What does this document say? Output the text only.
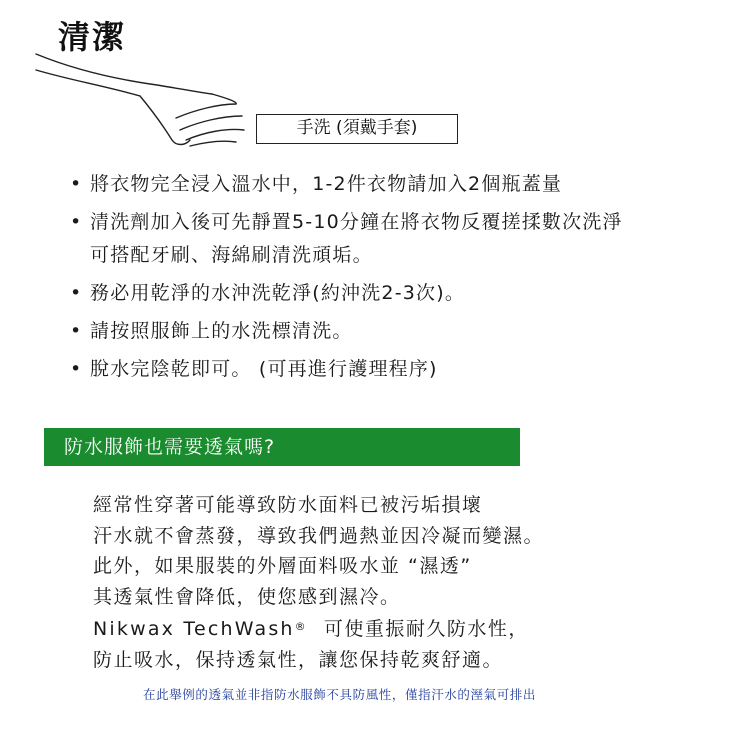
清潔
手洗 (須戴手套)
• 將衣物完全浸入溫水中，1-2件衣物請加入2個瓶蓋量
• 清洗劑加入後可先靜置5-10分鐘在將衣物反覆搓揉數次洗淨
可搭配牙刷、海綿刷清洗頑垢。
• 務必用乾淨的水沖洗乾淨(約沖洗2-3次)。
• 請按照服飾上的水洗標清洗。
• 脫水完陰乾即可。 (可再進行護理程序)
防水服飾也需要透氣嗎?
經常性穿著可能導致防水面料已被污垢損壞
汗水就不會蒸發，導致我們過熱並因冷凝而變濕。
此外，如果服裝的外層面料吸水並 “濕透”
其透氣性會降低，使您感到濕冷。
Nikwax TechWash® 可使重振耐久防水性，
防止吸水，保持透氣性，讓您保持乾爽舒適。
在此舉例的透氣並非指防水服飾不具防風性，僅指汗水的溼氣可排出
